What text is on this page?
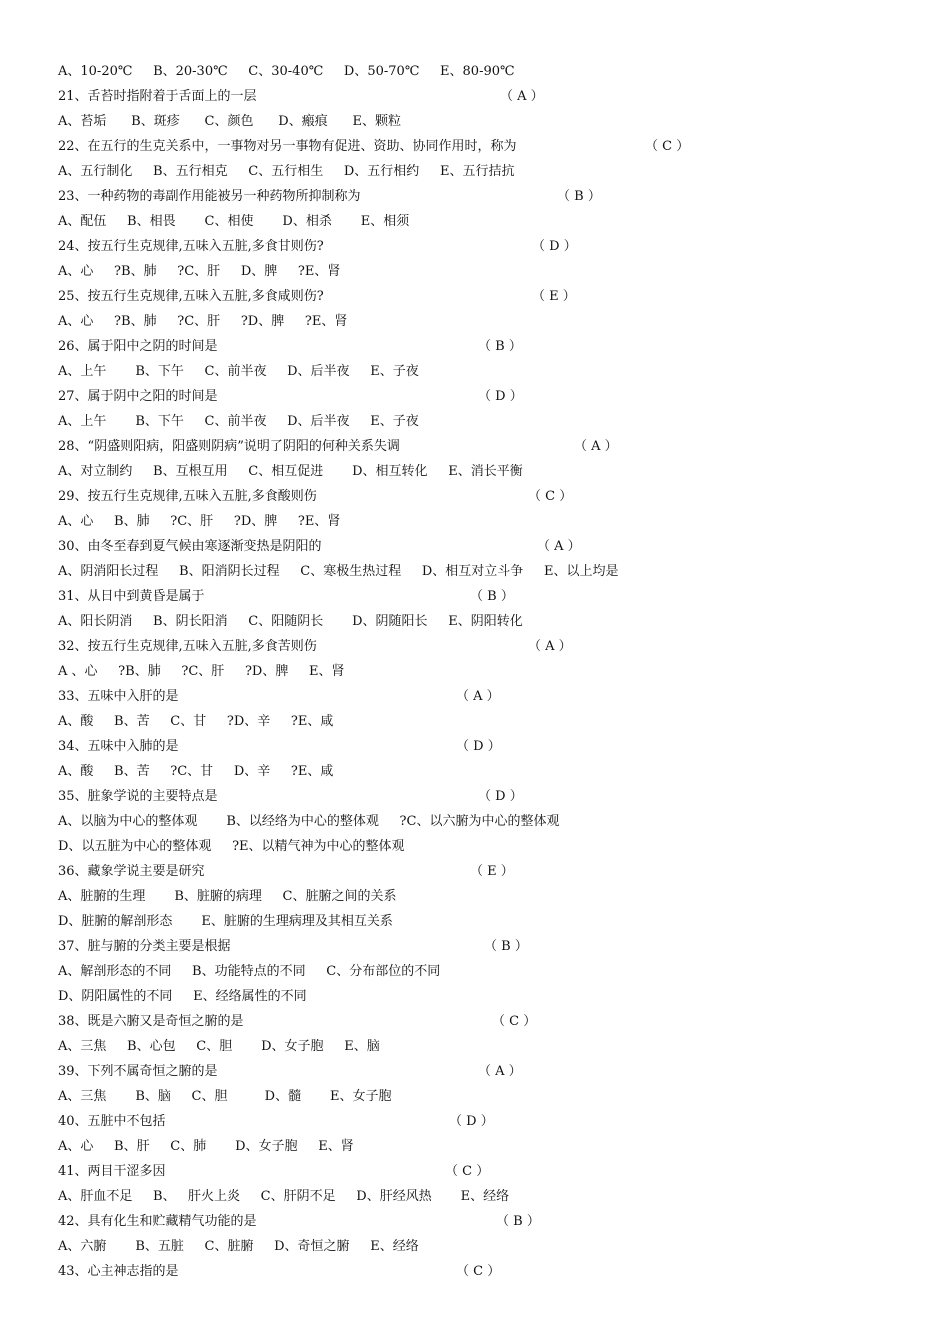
A、10-20℃     B、20-30℃     C、30-40℃     D、50-70℃     E、80-90℃
21、舌苔时指附着于舌面上的一层	（ A ）
A、苔垢      B、斑疹      C、颜色      D、瘢痕      E、颗粒
22、在五行的生克关系中，一事物对另一事物有促进、资助、协同作用时，称为	（ C ）
A、五行制化     B、五行相克     C、五行相生     D、五行相约     E、五行拮抗
23、一种药物的毒副作用能被另一种药物所抑制称为	（ B ）
A、配伍     B、相畏       C、相使       D、相杀       E、相须
24、按五行生克规律,五味入五脏,多食甘则伤?	（ D ）
A、心     ?B、肺     ?C、肝     D、脾     ?E、肾
25、按五行生克规律,五味入五脏,多食咸则伤?	（ E ）
A、心     ?B、肺     ?C、肝     ?D、脾     ?E、肾
26、属于阳中之阴的时间是	（ B ）
A、上午       B、下午     C、前半夜     D、后半夜     E、子夜
27、属于阴中之阳的时间是	（ D ）
A、上午       B、下午     C、前半夜     D、后半夜     E、子夜
28、“阴盛则阳病，阳盛则阴病”说明了阴阳的何种关系失调	（ A ）
A、对立制约     B、互根互用     C、相互促进       D、相互转化     E、消长平衡
29、按五行生克规律,五味入五脏,多食酸则伤	（ C ）
A、心     B、肺     ?C、肝     ?D、脾     ?E、肾
30、由冬至春到夏气候由寒逐渐变热是阴阳的	（ A ）
A、阴消阳长过程     B、阳消阴长过程     C、寒极生热过程     D、相互对立斗争     E、以上均是
31、从日中到黄昏是属于	（ B ）
A、阳长阴消     B、阴长阳消     C、阳随阴长       D、阴随阳长     E、阴阳转化
32、按五行生克规律,五味入五脏,多食苦则伤	（ A ）
A 、心     ?B、肺     ?C、肝     ?D、脾     E、肾
33、五味中入肝的是	（ A ）
A、酸     B、苦     C、甘     ?D、辛     ?E、咸
34、五味中入肺的是	（ D ）
A、酸     B、苦     ?C、甘     D、辛     ?E、咸
35、脏象学说的主要特点是	（ D ）
A、以脑为中心的整体观       B、以经络为中心的整体观     ?C、以六腑为中心的整体观
D、以五脏为中心的整体观     ?E、以精气神为中心的整体观
36、藏象学说主要是研究	（ E ）
A、脏腑的生理       B、脏腑的病理     C、脏腑之间的关系
D、脏腑的解剖形态       E、脏腑的生理病理及其相互关系
37、脏与腑的分类主要是根据	（ B ）
A、解剖形态的不同     B、功能特点的不同     C、分布部位的不同
D、阴阳属性的不同     E、经络属性的不同
38、既是六腑又是奇恒之腑的是	（ C ）
A、三焦     B、心包     C、胆       D、女子胞     E、脑
39、下列不属奇恒之腑的是	（ A ）
A、三焦       B、脑     C、胆         D、髓       E、女子胞
40、五脏中不包括	（ D ）
A、心     B、肝     C、肺       D、女子胞     E、肾
41、两目干涩多因	（ C ）
A、肝血不足     B、   肝火上炎     C、肝阴不足     D、肝经风热       E、经络
42、具有化生和贮藏精气功能的是	（ B ）
A、六腑       B、五脏     C、脏腑     D、奇恒之腑     E、经络
43、心主神志指的是	（ C ）
